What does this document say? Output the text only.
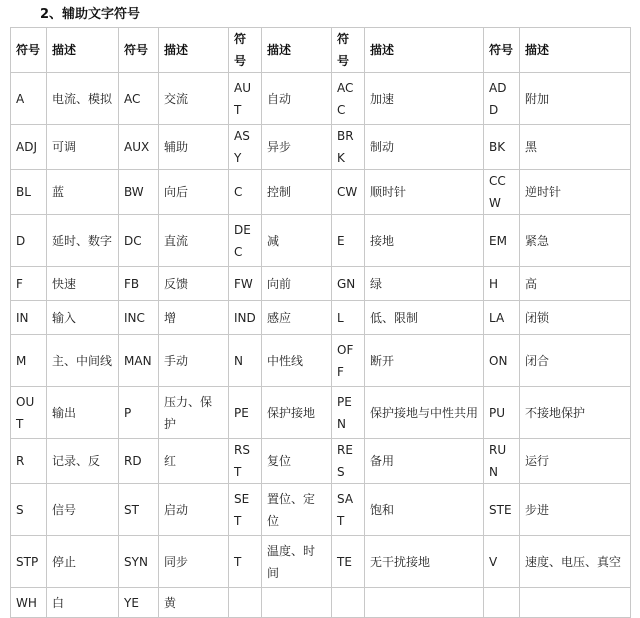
2、辅助文字符号
符号	描述	符号	描述	符号	描述	符号	描述	符号	描述
A	电流、模拟	AC	交流	AUT	自动	ACC	加速	ADD	附加
ADJ	可调	AUX	辅助	ASY	异步	BRK	制动	BK	黑
BL	蓝	BW	向后	C	控制	CW	顺时针	CCW	逆时针
D	延时、数字	DC	直流	DEC	减	E	接地	EM	紧急
F	快速	FB	反馈	FW	向前	GN	绿	H	高
IN	输入	INC	增	IND	感应	L	低、限制	LA	闭锁
M	主、中间线	MAN	手动	N	中性线	OFF	断开	ON	闭合
OUT	输出	P	压力、保护	PE	保护接地	PEN	保护接地与中性共用	PU	不接地保护
R	记录、反	RD	红	RST	复位	RES	备用	RUN	运行
S	信号	ST	启动	SET	置位、定位	SAT	饱和	STE	步进
STP	停止	SYN	同步	T	温度、时间	TE	无干扰接地	V	速度、电压、真空
WH	白	YE	黄						
